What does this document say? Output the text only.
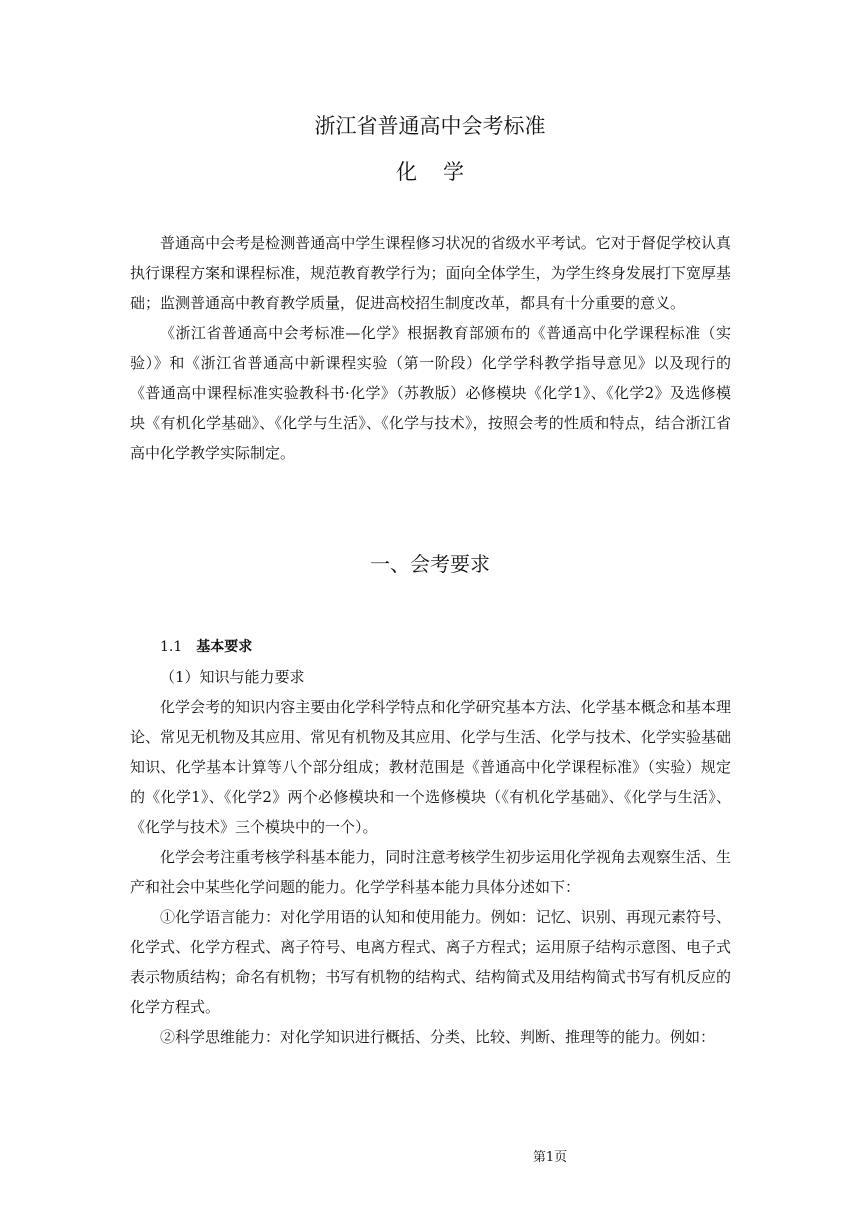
浙江省普通高中会考标准
化学

普通高中会考是检测普通高中学生课程修习状况的省级水平考试。它对于督促学校认真执行课程方案和课程标准，规范教育教学行为；面向全体学生，为学生终身发展打下宽厚基础；监测普通高中教育教学质量，促进高校招生制度改革，都具有十分重要的意义。

《浙江省普通高中会考标准—化学》根据教育部颁布的《普通高中化学课程标准（实验）》和《浙江省普通高中新课程实验（第一阶段）化学学科教学指导意见》以及现行的《普通高中课程标准实验教科书·化学》（苏教版）必修模块《化学1》、《化学2》及选修模块《有机化学基础》、《化学与生活》、《化学与技术》，按照会考的性质和特点，结合浙江省高中化学教学实际制定。

一、会考要求

1.1 基本要求

（1）知识与能力要求

化学会考的知识内容主要由化学科学特点和化学研究基本方法、化学基本概念和基本理论、常见无机物及其应用、常见有机物及其应用、化学与生活、化学与技术、化学实验基础知识、化学基本计算等八个部分组成；教材范围是《普通高中化学课程标准》（实验）规定的《化学1》、《化学2》两个必修模块和一个选修模块（《有机化学基础》、《化学与生活》、《化学与技术》三个模块中的一个）。

化学会考注重考核学科基本能力，同时注意考核学生初步运用化学视角去观察生活、生产和社会中某些化学问题的能力。化学学科基本能力具体分述如下：

①化学语言能力：对化学用语的认知和使用能力。例如：记忆、识别、再现元素符号、化学式、化学方程式、离子符号、电离方程式、离子方程式；运用原子结构示意图、电子式表示物质结构；命名有机物；书写有机物的结构式、结构简式及用结构简式书写有机反应的化学方程式。

②科学思维能力：对化学知识进行概括、分类、比较、判断、推理等的能力。例如：

第1页
